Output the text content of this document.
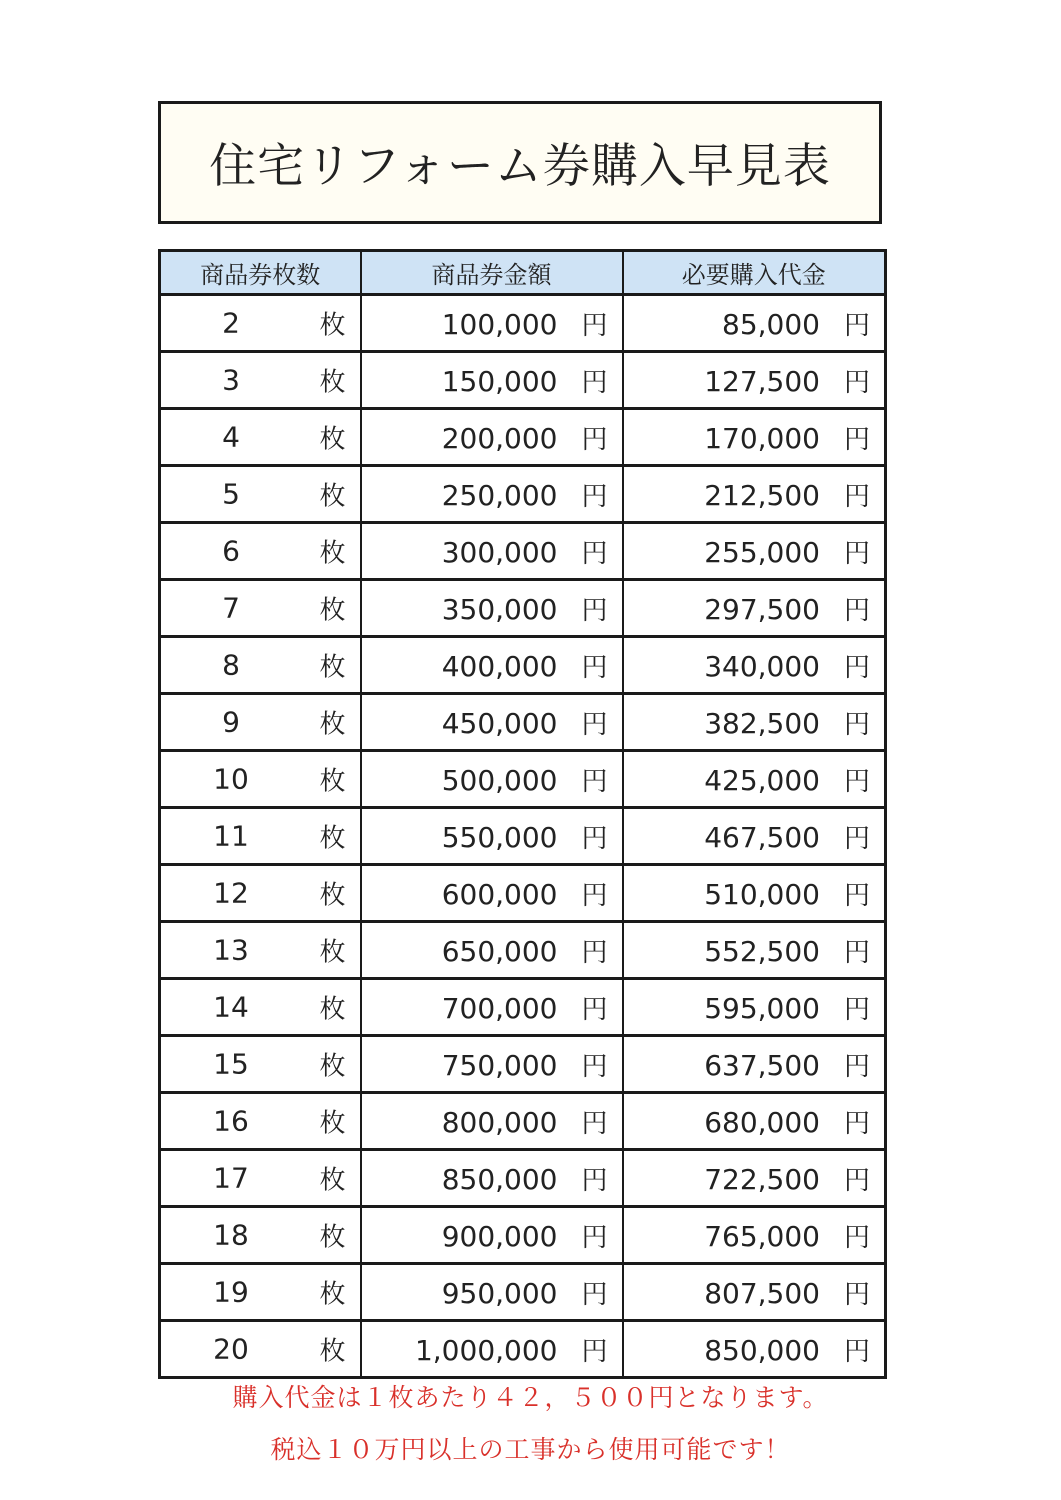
住宅リフォーム券購入早見表
商品券枚数	商品券金額	必要購入代金

2 枚	100,000 円	85,000 円

3 枚	150,000 円	127,500 円

4 枚	200,000 円	170,000 円

5 枚	250,000 円	212,500 円

6 枚	300,000 円	255,000 円

7 枚	350,000 円	297,500 円

8 枚	400,000 円	340,000 円

9 枚	450,000 円	382,500 円

10 枚	500,000 円	425,000 円

11 枚	550,000 円	467,500 円

12 枚	600,000 円	510,000 円

13 枚	650,000 円	552,500 円

14 枚	700,000 円	595,000 円

15 枚	750,000 円	637,500 円

16 枚	800,000 円	680,000 円

17 枚	850,000 円	722,500 円

18 枚	900,000 円	765,000 円

19 枚	950,000 円	807,500 円

20 枚	1,000,000 円	850,000 円
購入代金は１枚あたり４２，５００円となります。
税込１０万円以上の工事から使用可能です！
